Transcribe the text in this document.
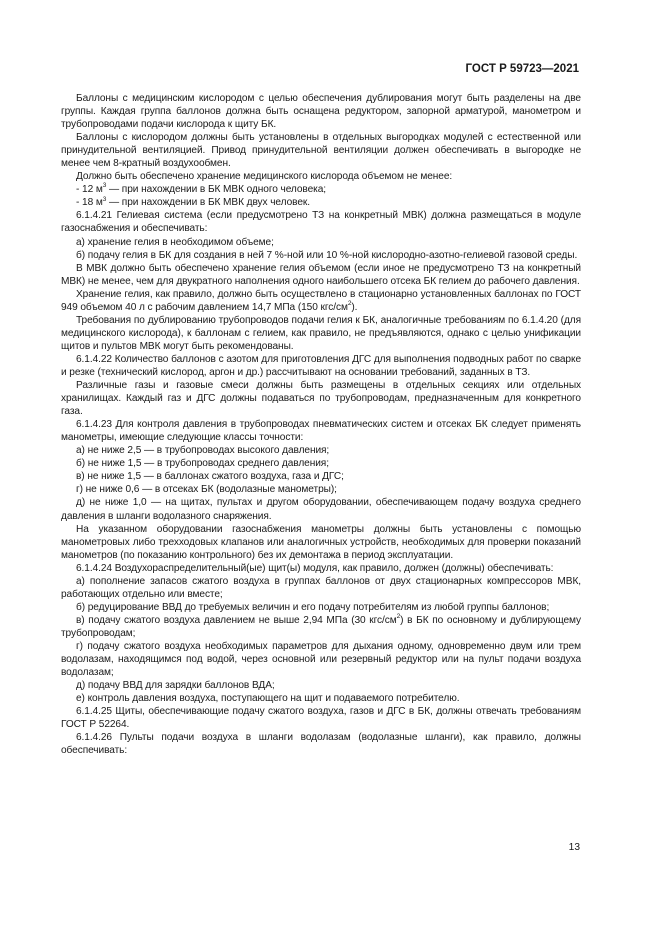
ГОСТ Р 59723—2021

Баллоны с медицинским кислородом с целью обеспечения дублирования могут быть разделены на две группы. Каждая группа баллонов должна быть оснащена редуктором, запорной арматурой, манометром и трубопроводами подачи кислорода к щиту БК.

Баллоны с кислородом должны быть установлены в отдельных выгородках модулей с естественной или принудительной вентиляцией. Привод принудительной вентиляции должен обеспечивать в выгородке не менее чем 8-кратный воздухообмен.

Должно быть обеспечено хранение медицинского кислорода объемом не менее:

- 12 $м^3$ — при нахождении в БК МВК одного человека;

- 18 $м^3$ — при нахождении в БК МВК двух человек.

6.1.4.21 Гелиевая система (если предусмотрено ТЗ на конкретный МВК) должна размещаться в модуле газоснабжения и обеспечивать:

а) хранение гелия в необходимом объеме;

б) подачу гелия в БК для создания в ней 7 %-ной или 10 %-ной кислородно-азотно-гелиевой газовой среды.

В МВК должно быть обеспечено хранение гелия объемом (если иное не предусмотрено ТЗ на конкретный МВК) не менее, чем для двукратного наполнения одного наибольшего отсека БК гелием до рабочего давления.

Хранение гелия, как правило, должно быть осуществлено в стационарно установленных баллонах по ГОСТ 949 объемом 40 л с рабочим давлением 14,7 МПа (150 кгс/$см^2$).

Требования по дублированию трубопроводов подачи гелия к БК, аналогичные требованиям по 6.1.4.20 (для медицинского кислорода), к баллонам с гелием, как правило, не предъявляются, однако с целью унификации щитов и пультов МВК могут быть рекомендованы.

6.1.4.22 Количество баллонов с азотом для приготовления ДГС для выполнения подводных работ по сварке и резке (технический кислород, аргон и др.) рассчитывают на основании требований, заданных в ТЗ.

Различные газы и газовые смеси должны быть размещены в отдельных секциях или отдельных хранилищах. Каждый газ и ДГС должны подаваться по трубопроводам, предназначенным для конкретного газа.

6.1.4.23 Для контроля давления в трубопроводах пневматических систем и отсеках БК следует применять манометры, имеющие следующие классы точности:

а) не ниже 2,5 — в трубопроводах высокого давления;

б) не ниже 1,5 — в трубопроводах среднего давления;

в) не ниже 1,5 — в баллонах сжатого воздуха, газа и ДГС;

г) не ниже 0,6 — в отсеках БК (водолазные манометры);

д) не ниже 1,0 — на щитах, пультах и другом оборудовании, обеспечивающем подачу воздуха среднего давления в шланги водолазного снаряжения.

На указанном оборудовании газоснабжения манометры должны быть установлены с помощью манометровых либо трехходовых клапанов или аналогичных устройств, необходимых для проверки показаний манометров (по показанию контрольного) без их демонтажа в период эксплуатации.

6.1.4.24 Воздухораспределительный(ые) щит(ы) модуля, как правило, должен (должны) обеспечивать:

а) пополнение запасов сжатого воздуха в группах баллонов от двух стационарных компрессоров МВК, работающих отдельно или вместе;

б) редуцирование ВВД до требуемых величин и его подачу потребителям из любой группы баллонов;

в) подачу сжатого воздуха давлением не выше 2,94 МПа (30 кгс/$см^2$) в БК по основному и дублирующему трубопроводам;

г) подачу сжатого воздуха необходимых параметров для дыхания одному, одновременно двум или трем водолазам, находящимся под водой, через основной или резервный редуктор или на пульт подачи воздуха водолазам;

д) подачу ВВД для зарядки баллонов ВДА;

е) контроль давления воздуха, поступающего на щит и подаваемого потребителю.

6.1.4.25 Щиты, обеспечивающие подачу сжатого воздуха, газов и ДГС в БК, должны отвечать требованиям ГОСТ Р 52264.

6.1.4.26 Пульты подачи воздуха в шланги водолазам (водолазные шланги), как правило, должны обеспечивать:

13
